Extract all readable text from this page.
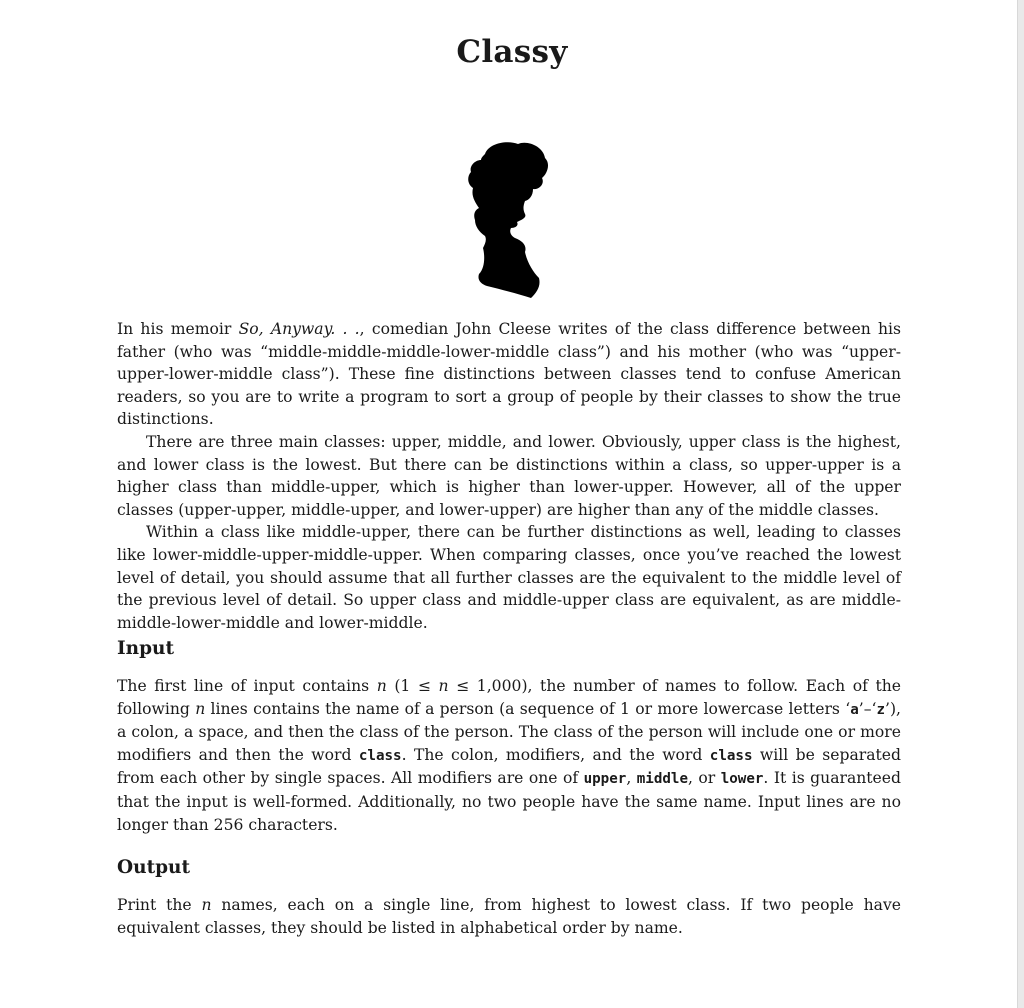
Classy

In his memoir So, Anyway. . ., comedian John Cleese writes of the class difference between his father (who was “middle-middle-middle-lower-middle class”) and his mother (who was “upper-upper-lower-middle class”). These fine distinctions between classes tend to confuse American readers, so you are to write a program to sort a group of people by their classes to show the true distinctions.

There are three main classes: upper, middle, and lower. Obviously, upper class is the highest, and lower class is the lowest. But there can be distinctions within a class, so upper-upper is a higher class than middle-upper, which is higher than lower-upper. However, all of the upper classes (upper-upper, middle-upper, and lower-upper) are higher than any of the middle classes.

Within a class like middle-upper, there can be further distinctions as well, leading to classes like lower-middle-upper-middle-upper. When comparing classes, once you’ve reached the lowest level of detail, you should assume that all further classes are the equivalent to the middle level of the previous level of detail. So upper class and middle-upper class are equivalent, as are middle-middle-lower-middle and lower-middle.

Input

The first line of input contains n (1 ≤ n ≤ 1,000), the number of names to follow. Each of the following n lines contains the name of a person (a sequence of 1 or more lowercase letters ‘a’–‘z’), a colon, a space, and then the class of the person. The class of the person will include one or more modifiers and then the word class. The colon, modifiers, and the word class will be separated from each other by single spaces. All modifiers are one of upper, middle, or lower. It is guaranteed that the input is well-formed. Additionally, no two people have the same name. Input lines are no longer than 256 characters.

Output

Print the n names, each on a single line, from highest to lowest class. If two people have equivalent classes, they should be listed in alphabetical order by name.
